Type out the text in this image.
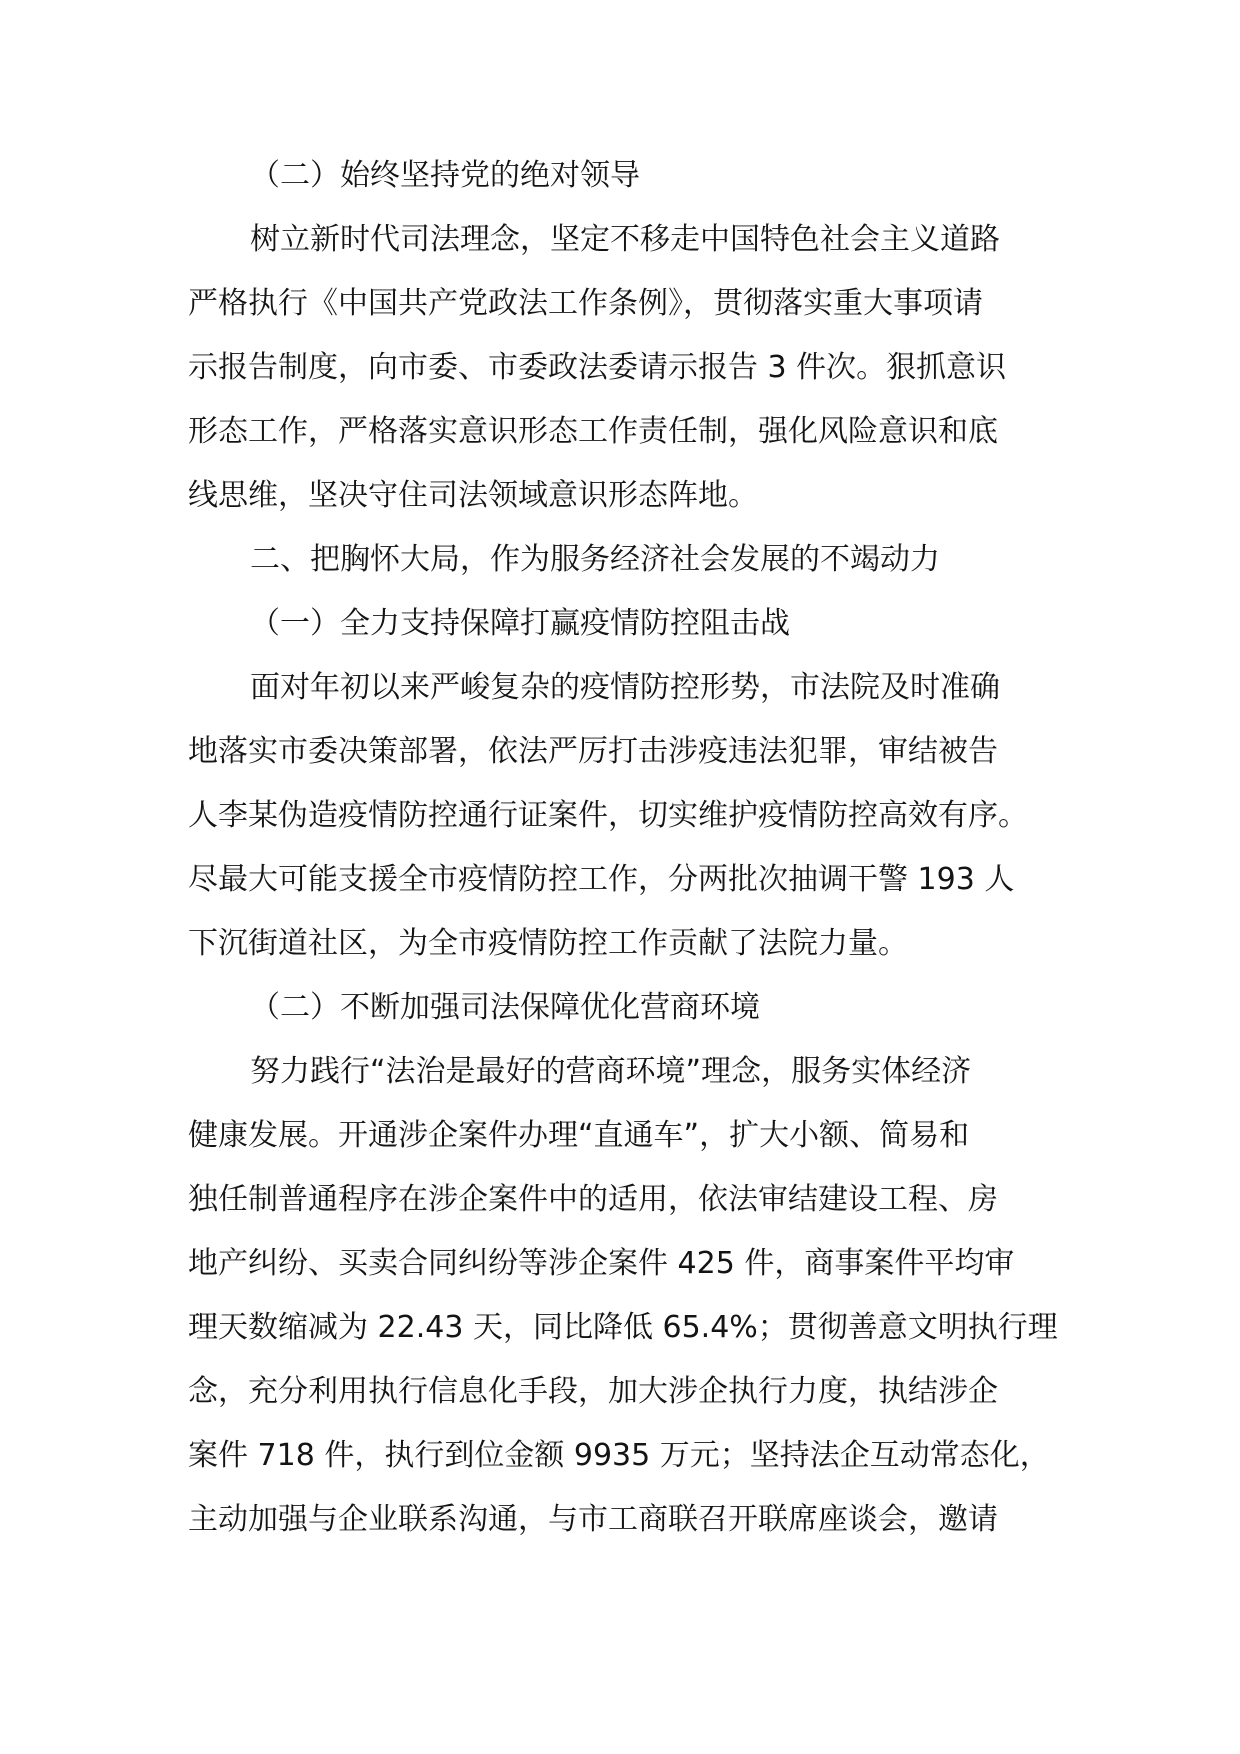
（二）始终坚持党的绝对领导

树立新时代司法理念，坚定不移走中国特色社会主义道路

严格执行《中国共产党政法工作条例》，贯彻落实重大事项请

示报告制度，向市委、市委政法委请示报告 3 件次。狠抓意识

形态工作，严格落实意识形态工作责任制，强化风险意识和底

线思维，坚决守住司法领域意识形态阵地。

二、把胸怀大局，作为服务经济社会发展的不竭动力

（一）全力支持保障打赢疫情防控阻击战

面对年初以来严峻复杂的疫情防控形势，市法院及时准确

地落实市委决策部署，依法严厉打击涉疫违法犯罪，审结被告

人李某伪造疫情防控通行证案件，切实维护疫情防控高效有序。

尽最大可能支援全市疫情防控工作，分两批次抽调干警 193 人

下沉街道社区，为全市疫情防控工作贡献了法院力量。

（二）不断加强司法保障优化营商环境

努力践行“法治是最好的营商环境”理念，服务实体经济

健康发展。开通涉企案件办理“直通车”，扩大小额、简易和

独任制普通程序在涉企案件中的适用，依法审结建设工程、房

地产纠纷、买卖合同纠纷等涉企案件 425 件，商事案件平均审

理天数缩减为 22.43 天，同比降低 65.4%；贯彻善意文明执行理

念，充分利用执行信息化手段，加大涉企执行力度，执结涉企

案件 718 件，执行到位金额 9935 万元；坚持法企互动常态化，

主动加强与企业联系沟通，与市工商联召开联席座谈会，邀请
